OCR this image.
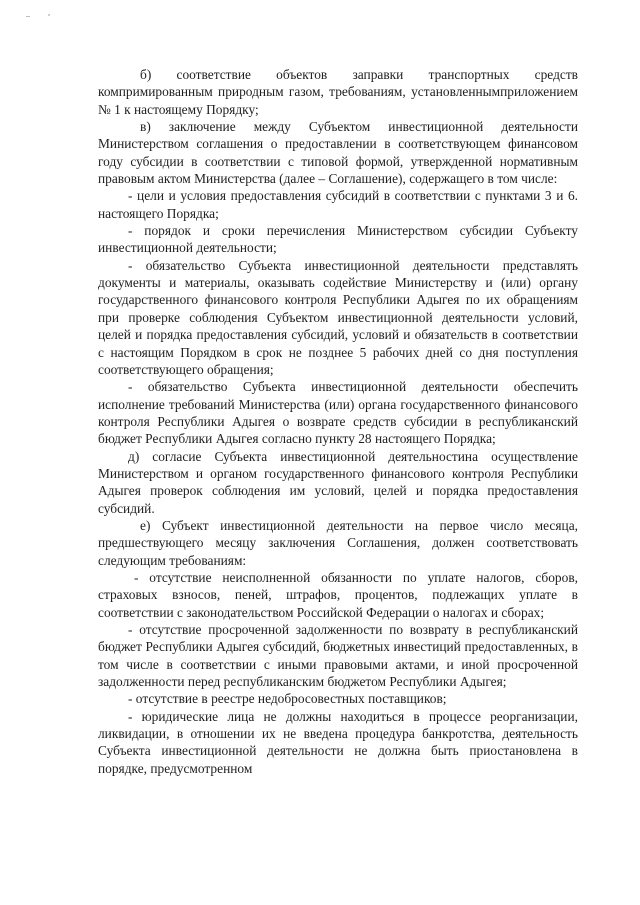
б) соответствие объектов заправки транспортных средств компримированным природным газом, требованиям, установленнымприложением № 1 к настоящему Порядку;

в) заключение между Субъектом инвестиционной деятельности Министерством соглашения о предоставлении в соответствующем финансовом году субсидии в соответствии с типовой формой, утвержденной нормативным правовым актом Министерства (далее – Соглашение), содержащего в том числе:

- цели и условия предоставления субсидий в соответствии с пунктами 3 и 6. настоящего Порядка;

- порядок и сроки перечисления Министерством субсидии Субъекту инвестиционной деятельности;

- обязательство Субъекта инвестиционной деятельности представлять документы и материалы, оказывать содействие Министерству и (или) органу государственного финансового контроля Республики Адыгея по их обращениям при проверке соблюдения Субъектом инвестиционной деятельности условий, целей и порядка предоставления субсидий, условий и обязательств в соответствии с настоящим Порядком в срок не позднее 5 рабочих дней со дня поступления соответствующего обращения;

- обязательство Субъекта инвестиционной деятельности обеспечить исполнение требований Министерства (или) органа государственного финансового контроля Республики Адыгея о возврате средств субсидии в республиканский бюджет Республики Адыгея согласно пункту 28 настоящего Порядка;

д) согласие Субъекта инвестиционной деятельностина осуществление Министерством и органом государственного финансового контроля Республики Адыгея проверок соблюдения им условий, целей и порядка предоставления субсидий.

е) Субъект инвестиционной деятельности на первое число месяца, предшествующего месяцу заключения Соглашения, должен соответствовать следующим требованиям:

- отсутствие неисполненной обязанности по уплате налогов, сборов, страховых взносов, пеней, штрафов, процентов, подлежащих уплате в соответствии с законодательством Российской Федерации о налогах и сборах;

- отсутствие просроченной задолженности по возврату в республиканский бюджет Республики Адыгея субсидий, бюджетных инвестиций предоставленных, в том числе в соответствии с иными правовыми актами, и иной просроченной задолженности перед республиканским бюджетом Республики Адыгея;

- отсутствие в реестре недобросовестных поставщиков;

- юридические лица не должны находиться в процессе реорганизации, ликвидации, в отношении их не введена процедура банкротства, деятельность Субъекта инвестиционной деятельности не должна быть приостановлена в порядке, предусмотренном
